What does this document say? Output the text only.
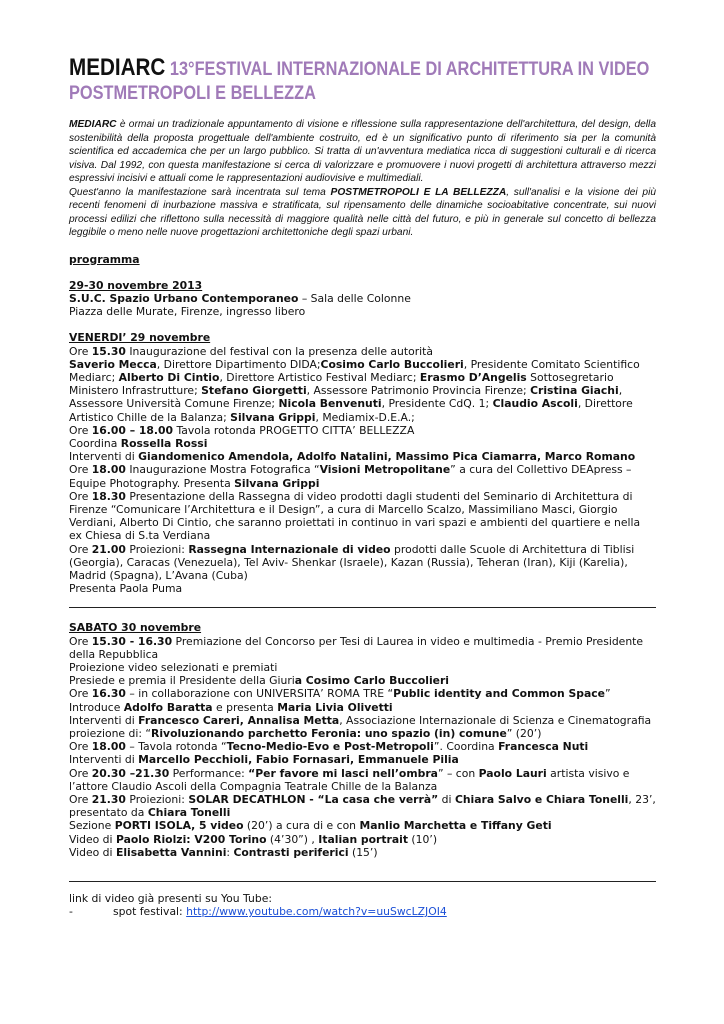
MEDIARC 13°FESTIVAL INTERNAZIONALE DI ARCHITETTURA IN VIDEO
POSTMETROPOLI E BELLEZZA

MEDIARC è ormai un tradizionale appuntamento di visione e riflessione sulla rappresentazione dell'architettura, del design, della sostenibilità della proposta progettuale dell'ambiente costruito, ed è un significativo punto di riferimento sia per la comunità scientifica ed accademica che per un largo pubblico. Si tratta di un'avventura mediatica ricca di suggestioni culturali e di ricerca visiva. Dal 1992, con questa manifestazione si cerca di valorizzare e promuovere i nuovi progetti di architettura attraverso mezzi espressivi incisivi e attuali come le rappresentazioni audiovisive e multimediali.

Quest'anno la manifestazione sarà incentrata sul tema POSTMETROPOLI E LA BELLEZZA, sull'analisi e la visione dei più recenti fenomeni di inurbazione massiva e stratificata, sul ripensamento delle dinamiche socioabitative concentrate, sui nuovi processi edilizi che riflettono sulla necessità di maggiore qualità nelle città del futuro, e più in generale sul concetto di bellezza leggibile o meno nelle nuove progettazioni architettoniche degli spazi urbani.

programma

29-30 novembre 2013

S.U.C. Spazio Urbano Contemporaneo – Sala delle Colonne

Piazza delle Murate, Firenze, ingresso libero

VENERDI’ 29 novembre

Ore 15.30 Inaugurazione del festival con la presenza delle autorità

Saverio Mecca, Direttore Dipartimento DIDA;Cosimo Carlo Buccolieri, Presidente Comitato Scientifico Mediarc; Alberto Di Cintio, Direttore Artistico Festival Mediarc; Erasmo D’Angelis Sottosegretario Ministero Infrastrutture; Stefano Giorgetti, Assessore Patrimonio Provincia Firenze; Cristina Giachi, Assessore Università Comune Firenze; Nicola Benvenuti, Presidente CdQ. 1; Claudio Ascoli, Direttore Artistico Chille de la Balanza; Silvana Grippi, Mediamix-D.E.A.;

Ore 16.00 – 18.00 Tavola rotonda PROGETTO CITTA’ BELLEZZA

Coordina Rossella Rossi

Interventi di Giandomenico Amendola, Adolfo Natalini, Massimo Pica Ciamarra, Marco Romano

Ore 18.00 Inaugurazione Mostra Fotografica “Visioni Metropolitane” a cura del Collettivo DEApress – Equipe Photography. Presenta Silvana Grippi

Ore 18.30 Presentazione della Rassegna di video prodotti dagli studenti del Seminario di Architettura di Firenze “Comunicare l’Architettura e il Design”, a cura di Marcello Scalzo, Massimiliano Masci, Giorgio Verdiani, Alberto Di Cintio, che saranno proiettati in continuo in vari spazi e ambienti del quartiere e nella ex Chiesa di S.ta Verdiana

Ore 21.00 Proiezioni: Rassegna Internazionale di video prodotti dalle Scuole di Architettura di Tiblisi (Georgia), Caracas (Venezuela), Tel Aviv- Shenkar (Israele), Kazan (Russia), Teheran (Iran), Kiji (Karelia), Madrid (Spagna), L’Avana (Cuba)

Presenta Paola Puma

SABATO 30 novembre

Ore 15.30 - 16.30 Premiazione del Concorso per Tesi di Laurea in video e multimedia - Premio Presidente della Repubblica

Proiezione video selezionati e premiati

Presiede e premia il Presidente della Giuria Cosimo Carlo Buccolieri

Ore 16.30 – in collaborazione con UNIVERSITA’ ROMA TRE “Public identity and Common Space”

Introduce Adolfo Baratta e presenta Maria Livia Olivetti

Interventi di Francesco Careri, Annalisa Metta, Associazione Internazionale di Scienza e Cinematografia

proiezione di: “Rivoluzionando parchetto Feronia: uno spazio (in) comune” (20’)

Ore 18.00 – Tavola rotonda “Tecno-Medio-Evo e Post-Metropoli”. Coordina Francesca Nuti

Interventi di Marcello Pecchioli, Fabio Fornasari, Emmanuele Pilia

Ore 20.30 –21.30 Performance: “Per favore mi lasci nell’ombra” – con Paolo Lauri artista visivo e l’attore Claudio Ascoli della Compagnia Teatrale Chille de la Balanza

Ore 21.30 Proiezioni: SOLAR DECATHLON - “La casa che verrà” di Chiara Salvo e Chiara Tonelli, 23’, presentato da Chiara Tonelli

Sezione PORTI ISOLA, 5 video (20’) a cura di e con Manlio Marchetta e Tiffany Geti

Video di Paolo Riolzi: V200 Torino (4’30”) , Italian portrait (10’)

Video di Elisabetta Vannini: Contrasti periferici (15’)

link di video già presenti su You Tube:

-	spot festival: http://www.youtube.com/watch?v=uuSwcLZJOI4
